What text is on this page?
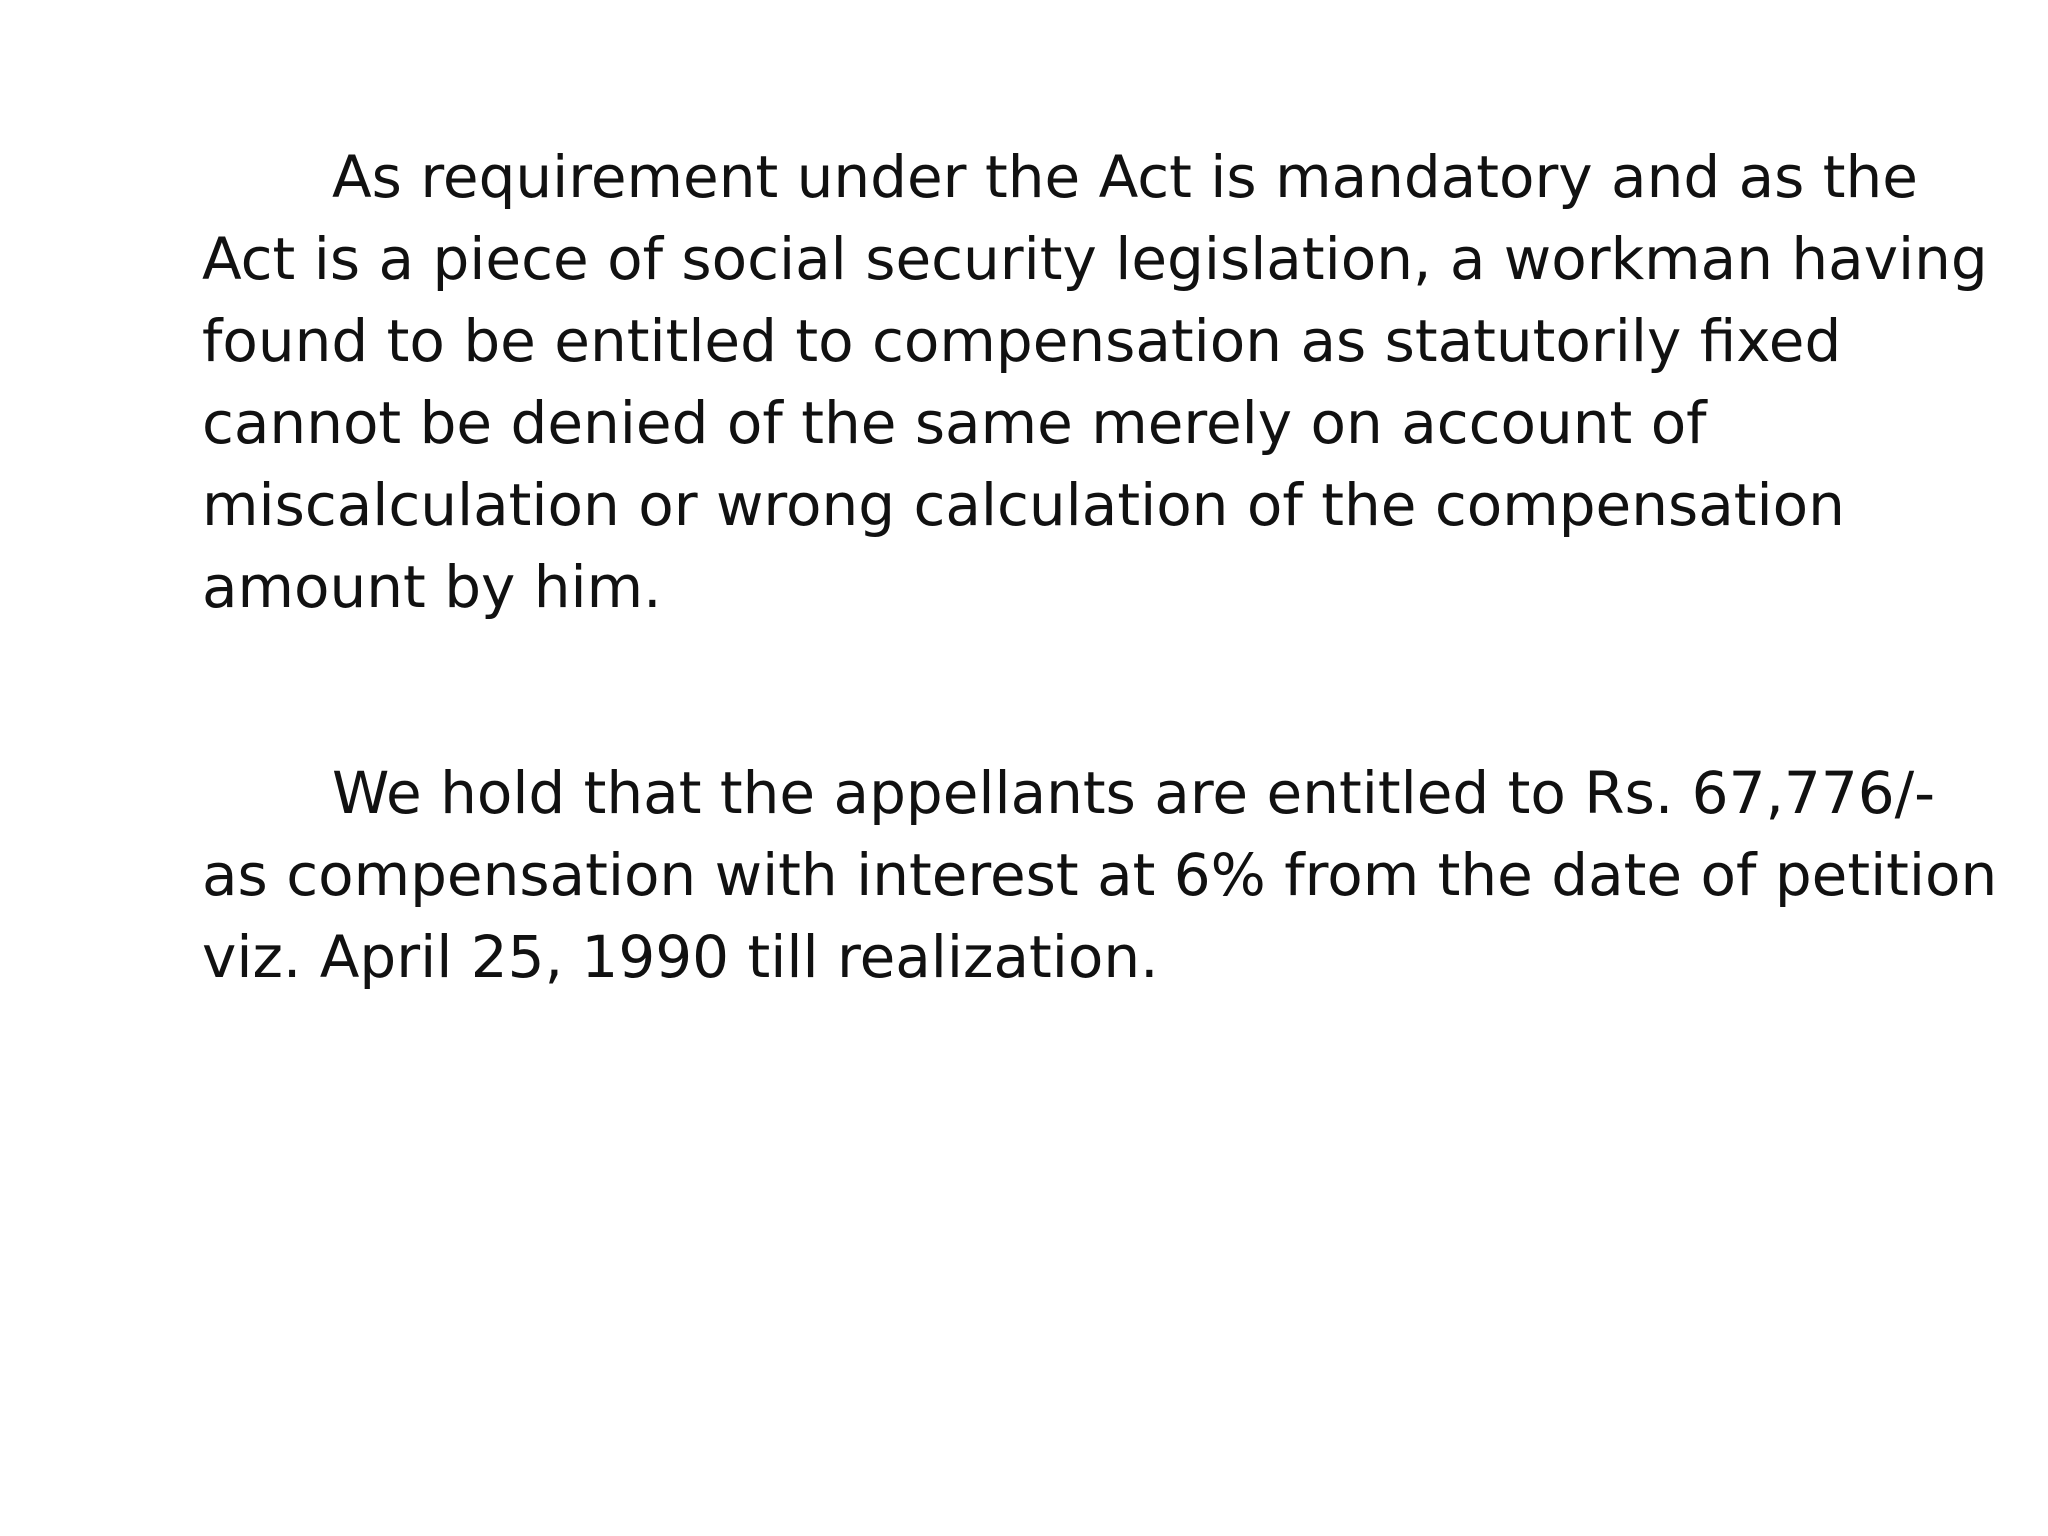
As requirement under the Act is mandatory and as the
Act is a piece of social security legislation, a workman having
found to be entitled to compensation as statutorily fixed
cannot be denied of the same merely on account of
miscalculation or wrong calculation of the compensation
amount by him.
We hold that the appellants are entitled to Rs. 67,776/-
as compensation with interest at 6% from the date of petition
viz. April 25, 1990 till realization.
